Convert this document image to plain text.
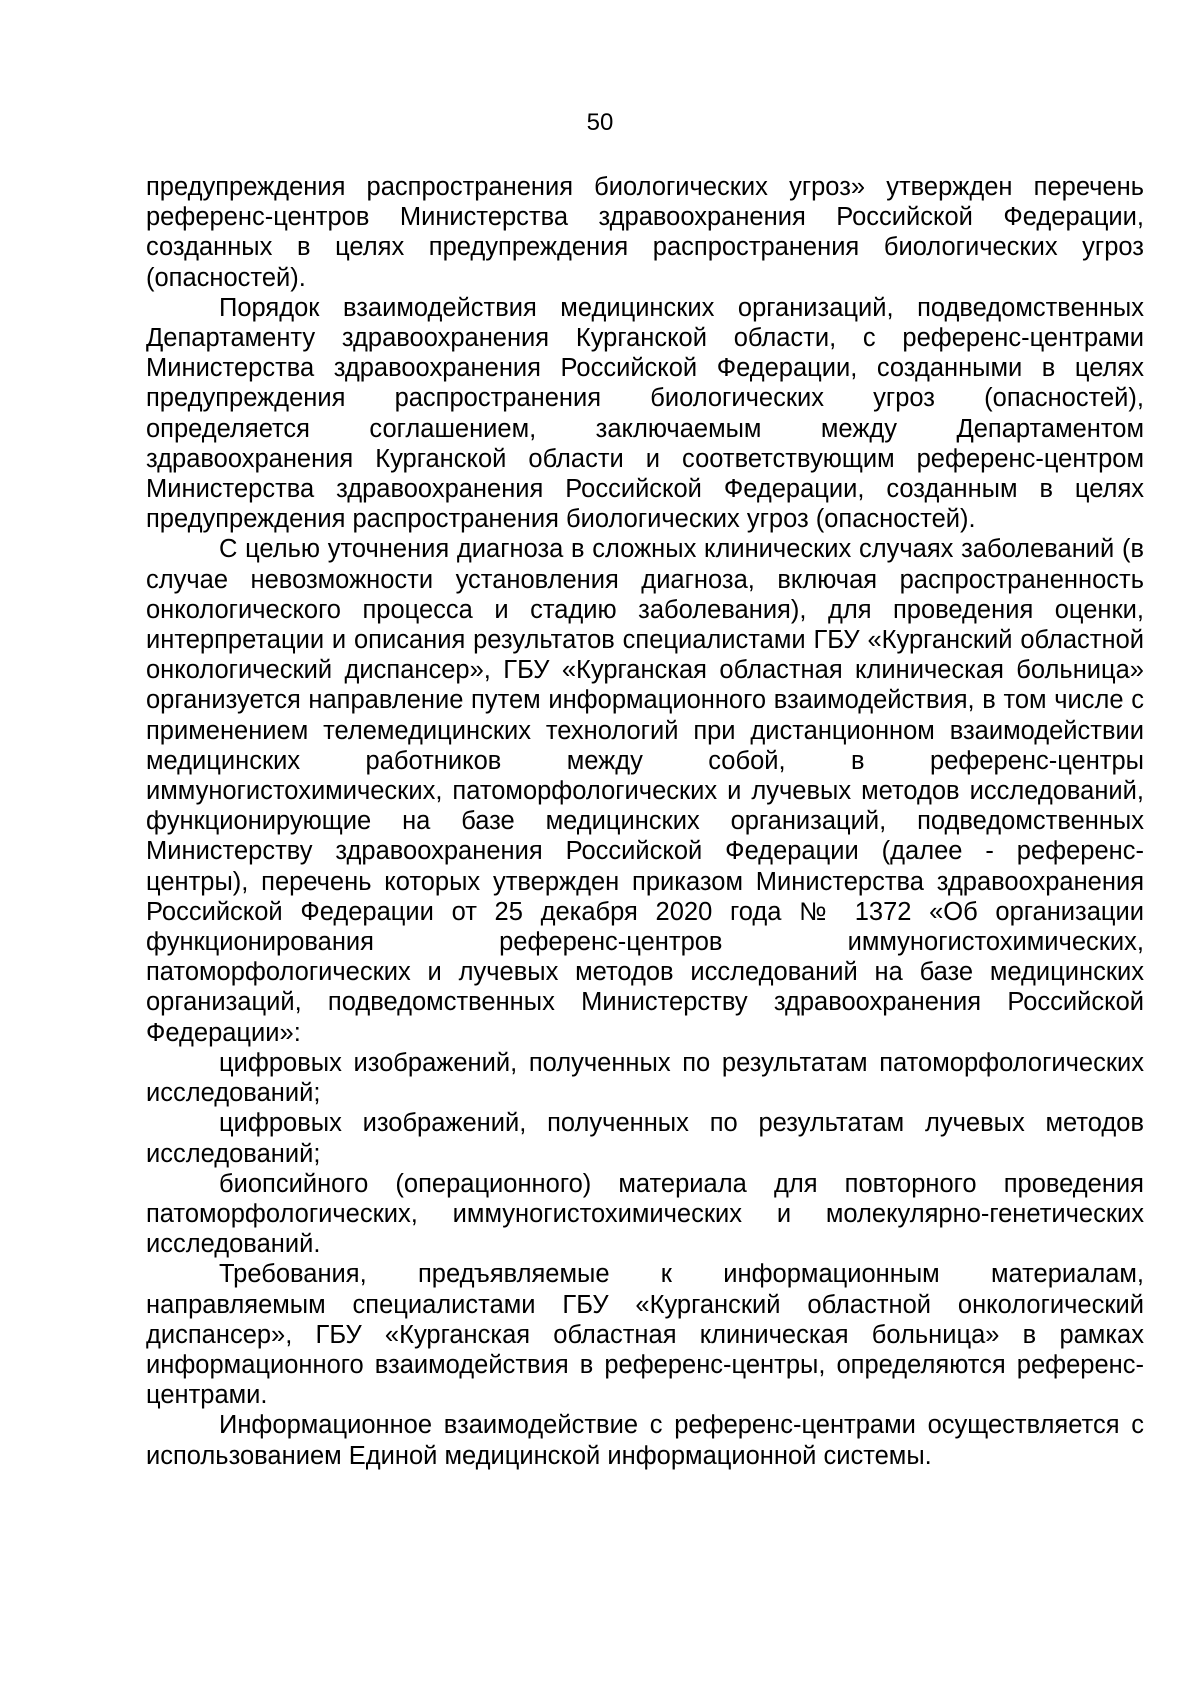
50

предупреждения распространения биологических угроз» утвержден перечень референс-центров Министерства здравоохранения Российской Федерации, созданных в целях предупреждения распространения биологических угроз (опасностей).

Порядок взаимодействия медицинских организаций, подведомственных Департаменту здравоохранения Курганской области, с референс-центрами Министерства здравоохранения Российской Федерации, созданными в целях предупреждения распространения биологических угроз (опасностей), определяется соглашением, заключаемым между Департаментом здравоохранения Курганской области и соответствующим референс-центром Министерства здравоохранения Российской Федерации, созданным в целях предупреждения распространения биологических угроз (опасностей).

С целью уточнения диагноза в сложных клинических случаях заболеваний (в случае невозможности установления диагноза, включая распространенность онкологического процесса и стадию заболевания), для проведения оценки, интерпретации и описания результатов специалистами ГБУ «Курганский областной онкологический диспансер», ГБУ «Курганская областная клиническая больница» организуется направление путем информационного взаимодействия, в том числе с применением телемедицинских технологий при дистанционном взаимодействии медицинских работников между собой, в референс-центры иммуногистохимических, патоморфологических и лучевых методов исследований, функционирующие на базе медицинских организаций, подведомственных Министерству здравоохранения Российской Федерации (далее - референс-центры), перечень которых утвержден приказом Министерства здравоохранения Российской Федерации от 25 декабря 2020 года № 1372 «Об организации функционирования референс-центров иммуногистохимических, патоморфологических и лучевых методов исследований на базе медицинских организаций, подведомственных Министерству здравоохранения Российской Федерации»:

цифровых изображений, полученных по результатам патоморфологических исследований;

цифровых изображений, полученных по результатам лучевых методов исследований;

биопсийного (операционного) материала для повторного проведения патоморфологических, иммуногистохимических и молекулярно-генетических исследований.

Требования, предъявляемые к информационным материалам, направляемым специалистами ГБУ «Курганский областной онкологический диспансер», ГБУ «Курганская областная клиническая больница» в рамках информационного взаимодействия в референс-центры, определяются референс-центрами.

Информационное взаимодействие с референс-центрами осуществляется с использованием Единой медицинской информационной системы.
